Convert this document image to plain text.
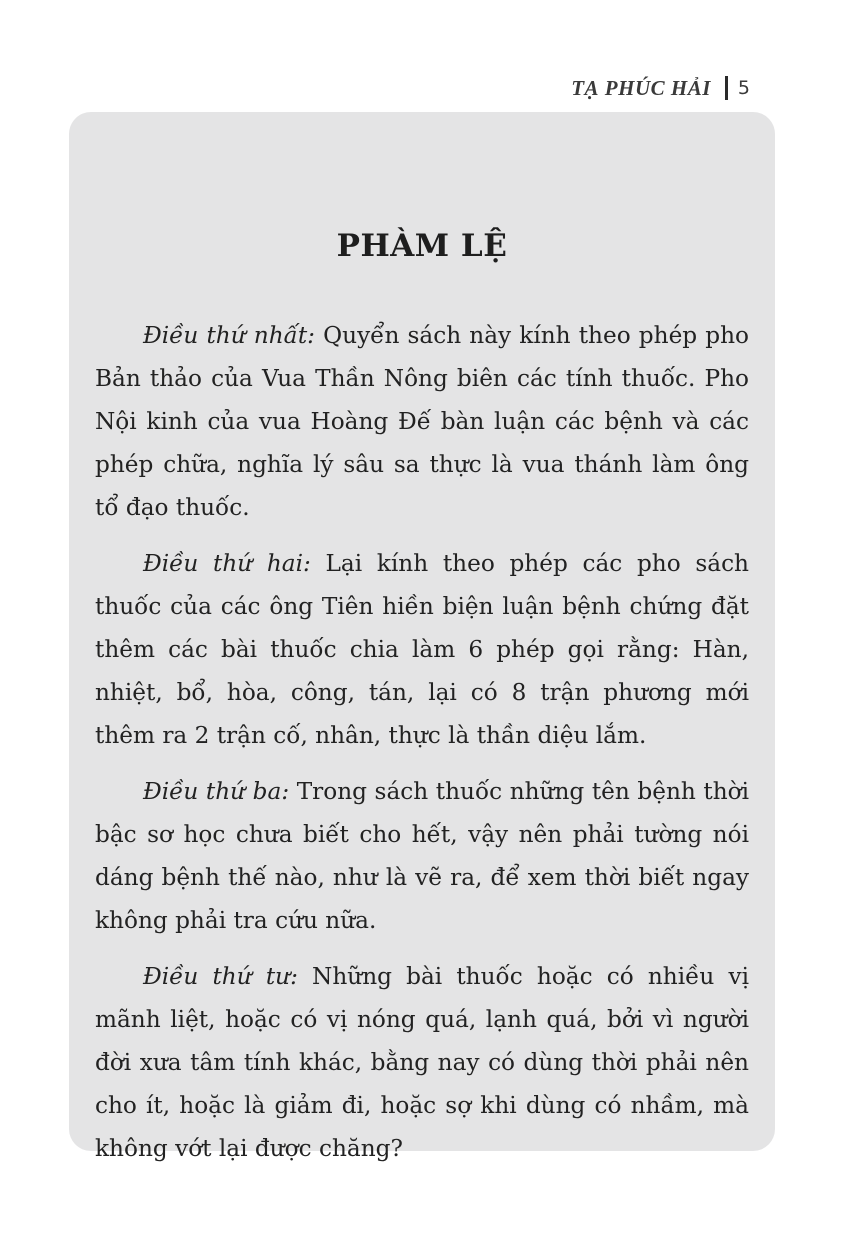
TẠ PHÚC HẢI 5
PHÀM LỆ

Điều thứ nhất: Quyển sách này kính theo phép pho Bản thảo của Vua Thần Nông biên các tính thuốc. Pho Nội kinh của vua Hoàng Đế bàn luận các bệnh và các phép chữa, nghĩa lý sâu sa thực là vua thánh làm ông tổ đạo thuốc.

Điều thứ hai: Lại kính theo phép các pho sách thuốc của các ông Tiên hiền biện luận bệnh chứng đặt thêm các bài thuốc chia làm 6 phép gọi rằng: Hàn, nhiệt, bổ, hòa, công, tán, lại có 8 trận phương mới thêm ra 2 trận cố, nhân, thực là thần diệu lắm.

Điều thứ ba: Trong sách thuốc những tên bệnh thời bậc sơ học chưa biết cho hết, vậy nên phải tường nói dáng bệnh thế nào, như là vẽ ra, để xem thời biết ngay không phải tra cứu nữa.

Điều thứ tư: Những bài thuốc hoặc có nhiều vị mãnh liệt, hoặc có vị nóng quá, lạnh quá, bởi vì người đời xưa tâm tính khác, bằng nay có dùng thời phải nên cho ít, hoặc là giảm đi, hoặc sợ khi dùng có nhầm, mà không vớt lại được chăng?
